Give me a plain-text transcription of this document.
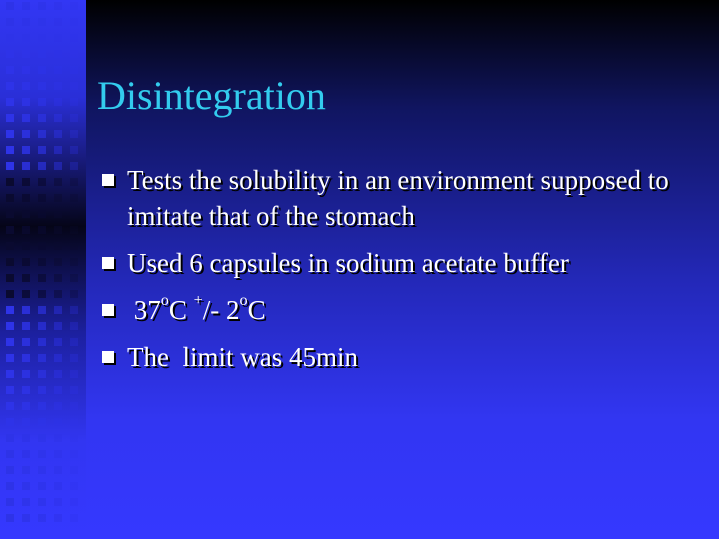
Disintegration
Tests the solubility in an environment supposed to imitate that of the stomach
Used 6 capsules in sodium acetate buffer
37$^o$C +/- 2$^o$C
The  limit was 45min
